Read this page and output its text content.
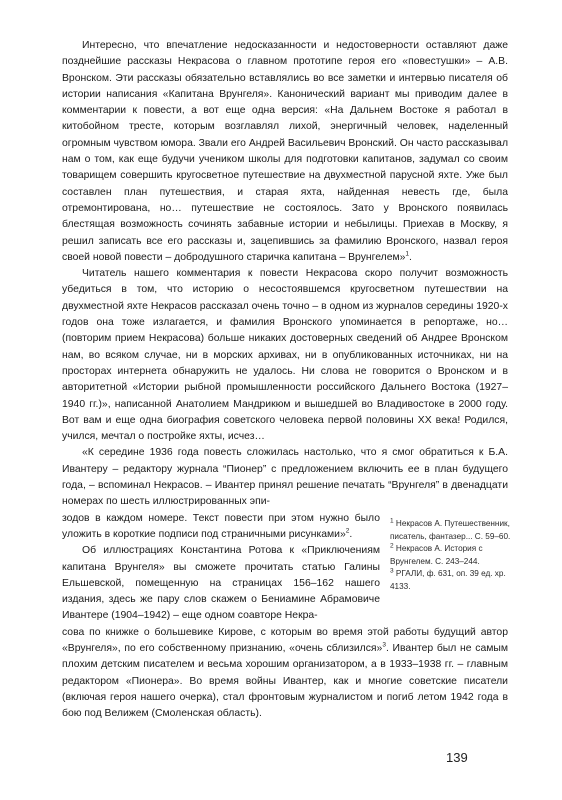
Интересно, что впечатление недосказанности и недостоверности оставляют даже позднейшие рассказы Некрасова о главном прототипе героя его «повестушки» – А.В. Вронском. Эти рассказы обязательно вставлялись во все заметки и интервью писателя об истории написания «Капитана Врунгеля». Канонический вариант мы приводим далее в комментарии к повести, а вот еще одна версия: «На Дальнем Востоке я работал в китобойном тресте, которым возглавлял лихой, энергичный человек, наделенный огромным чувством юмора. Звали его Андрей Васильевич Вронский. Он часто рассказывал нам о том, как еще будучи учеником школы для подготовки капитанов, задумал со своим товарищем совершить кругосветное путешествие на двухместной парусной яхте. Уже был составлен план путешествия, и старая яхта, найденная невесть где, была отремонтирована, но… путешествие не состоялось. Зато у Вронского появилась блестящая возможность сочинять забавные истории и небылицы. Приехав в Москву, я решил записать все его рассказы и, зацепившись за фамилию Вронского, назвал героя своей новой повести – добродушного старичка капитана – Врунгелем»$^1$.

Читатель нашего комментария к повести Некрасова скоро получит возможность убедиться в том, что историю о несостоявшемся кругосветном путешествии на двухместной яхте Некрасов рассказал очень точно – в одном из журналов середины 1920-х годов она тоже излагается, и фамилия Вронского упоминается в репортаже, но… (повторим прием Некрасова) больше никаких достоверных сведений об Андрее Вронском нам, во всяком случае, ни в морских архивах, ни в опубликованных источниках, ни на просторах интернета обнаружить не удалось. Ни слова не говорится о Вронском и в авторитетной «Истории рыбной промышленности российского Дальнего Востока (1927–1940 гг.)», написанной Анатолием Мандрикюм и вышедшей во Владивостоке в 2000 году. Вот вам и еще одна биография советского человека первой половины XX века! Родился, учился, мечтал о постройке яхты, исчез…

«К середине 1936 года повесть сложилась настолько, что я смог обратиться к Б.А. Ивантеру – редактору журнала “Пионер” с предложением включить ее в план будущего года, – вспоминал Некрасов. – Ивантер принял решение печатать “Врунгеля” в двенадцати номерах по шесть иллюстрированных эпи-

зодов в каждом номере. Текст повести при этом нужно было уложить в короткие подписи под страничными рисунками»$^2$.

Об иллюстрациях Константина Ротова к «Приключениям капитана Врунгеля» вы сможете прочитать статью Галины Ельшевской, помещенную на страницах 156–162 нашего издания, здесь же пару слов скажем о Бениамине Абрамовиче Ивантере (1904–1942) – еще одном соавторе Некра-

сова по книжке о большевике Кирове, с которым во время этой работы будущий автор «Врунгеля», по его собственному признанию, «очень сблизился»$^3$. Ивантер был не самым плохим детским писателем и весьма хорошим организатором, а в 1933–1938 гг. – главным редактором «Пионера». Во время войны Ивантер, как и многие советские писатели (включая героя нашего очерка), стал фронтовым журналистом и погиб летом 1942 года в бою под Велижем (Смоленская область).

$^1$ Некрасов А. Путешественник, писатель, фантазер... С. 59–60.

$^2$ Некрасов А. История с Врунгелем. С. 243–244.

$^3$ РГАЛИ, ф. 631, оп. 39 ед. хр. 4133.

139
